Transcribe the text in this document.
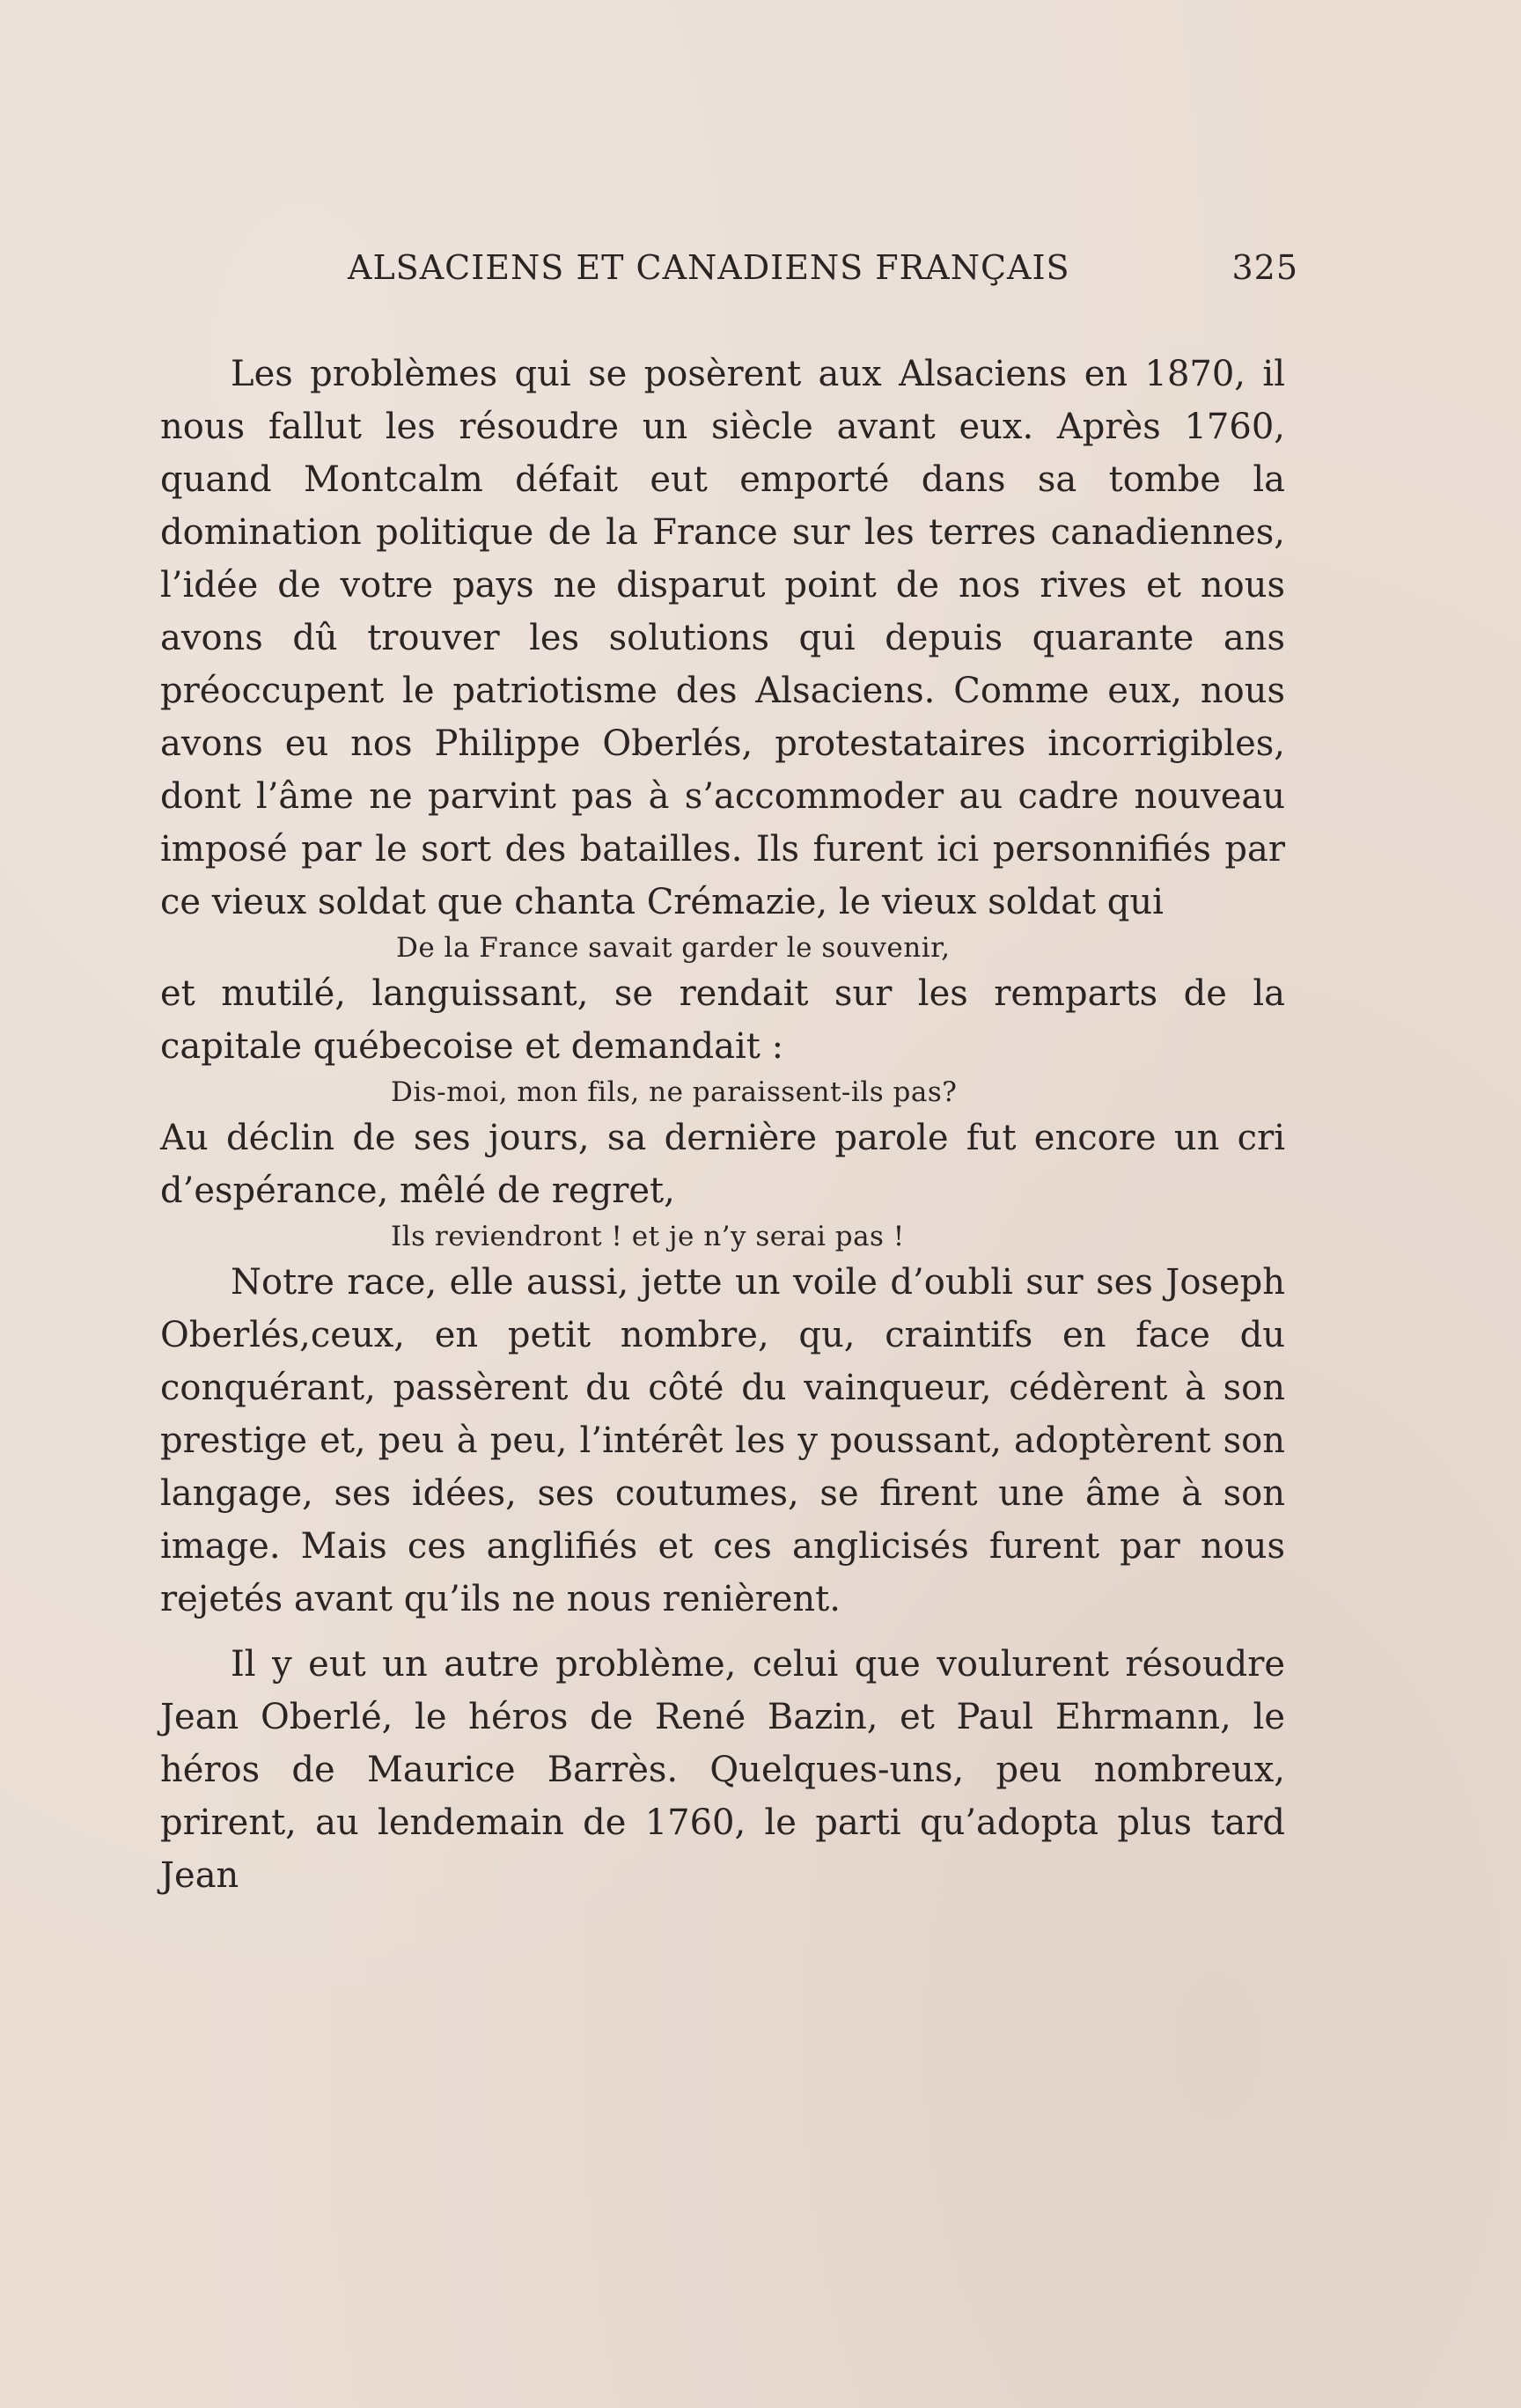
ALSACIENS ET CANADIENS FRANÇAIS	325

Les problèmes qui se posèrent aux Alsaciens en 1870, il nous fallut les résoudre un siècle avant eux. Après 1760, quand Montcalm défait eut emporté dans sa tombe la domination politique de la France sur les terres canadiennes, l’idée de votre pays ne disparut point de nos rives et nous avons dû trouver les solutions qui depuis quarante ans préoccupent le patriotisme des Alsaciens. Comme eux, nous avons eu nos Philippe Oberlés, protestataires incorrigibles, dont l’âme ne parvint pas à s’accommoder au cadre nouveau imposé par le sort des batailles. Ils furent ici personnifiés par ce vieux soldat que chanta Crémazie, le vieux soldat qui

De la France savait garder le souvenir,

et mutilé, languissant, se rendait sur les remparts de la capitale québecoise et demandait :

Dis-moi, mon fils, ne paraissent-ils pas?

Au déclin de ses jours, sa dernière parole fut encore un cri d’espérance, mêlé de regret,

Ils reviendront ! et je n’y serai pas !

Notre race, elle aussi, jette un voile d’oubli sur ses Joseph Oberlés,ceux, en petit nombre, qu, craintifs en face du conquérant, passèrent du côté du vainqueur, cédèrent à son prestige et, peu à peu, l’intérêt les y poussant, adoptèrent son langage, ses idées, ses coutumes, se firent une âme à son image. Mais ces anglifiés et ces anglicisés furent par nous rejetés avant qu’ils ne nous renièrent.

Il y eut un autre problème, celui que voulurent résoudre Jean Oberlé, le héros de René Bazin, et Paul Ehrmann, le héros de Maurice Barrès. Quelques-uns, peu nombreux, prirent, au lendemain de 1760, le parti qu’adopta plus tard Jean
